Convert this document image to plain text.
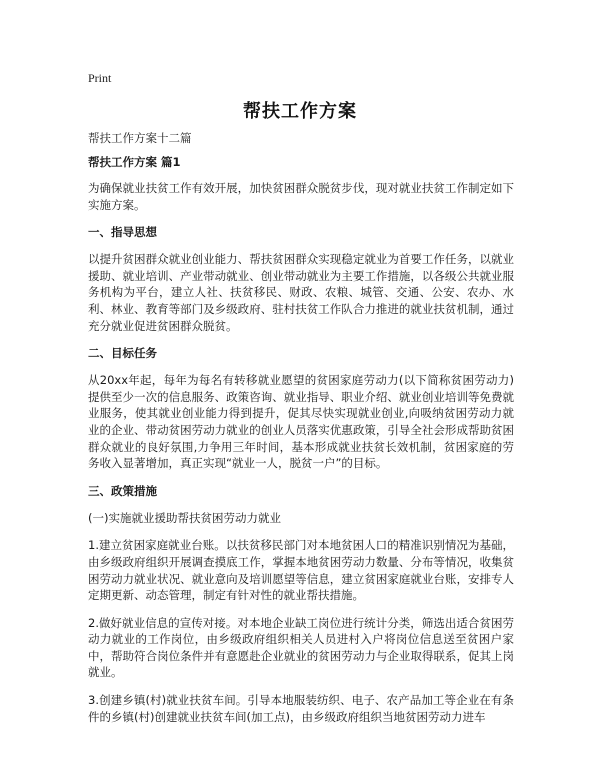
Print
帮扶工作方案

帮扶工作方案十二篇

帮扶工作方案 篇1

为确保就业扶贫工作有效开展，加快贫困群众脱贫步伐，现对就业扶贫工作制定如下实施方案。

一、指导思想

以提升贫困群众就业创业能力、帮扶贫困群众实现稳定就业为首要工作任务，以就业援助、就业培训、产业带动就业、创业带动就业为主要工作措施，以各级公共就业服务机构为平台，建立人社、扶贫移民、财政、农粮、城管、交通、公安、农办、水利、林业、教育等部门及乡级政府、驻村扶贫工作队合力推进的就业扶贫机制，通过充分就业促进贫困群众脱贫。

二、目标任务

从20xx年起，每年为每名有转移就业愿望的贫困家庭劳动力(以下简称贫困劳动力)提供至少一次的信息服务、政策咨询、就业指导、职业介绍、就业创业培训等免费就业服务，使其就业创业能力得到提升，促其尽快实现就业创业,向吸纳贫困劳动力就业的企业、带动贫困劳动力就业的创业人员落实优惠政策，引导全社会形成帮助贫困群众就业的良好氛围,力争用三年时间，基本形成就业扶贫长效机制，贫困家庭的劳务收入显著增加，真正实现“就业一人，脱贫一户”的目标。

三、政策措施

(一)实施就业援助帮扶贫困劳动力就业

1.建立贫困家庭就业台账。以扶贫移民部门对本地贫困人口的精准识别情况为基础，由乡级政府组织开展调查摸底工作，掌握本地贫困劳动力数量、分布等情况，收集贫困劳动力就业状况、就业意向及培训愿望等信息，建立贫困家庭就业台账，安排专人定期更新、动态管理，制定有针对性的就业帮扶措施。

2.做好就业信息的宣传对接。对本地企业缺工岗位进行统计分类，筛选出适合贫困劳动力就业的工作岗位，由乡级政府组织相关人员进村入户将岗位信息送至贫困户家中，帮助符合岗位条件并有意愿赴企业就业的贫困劳动力与企业取得联系，促其上岗就业。

3.创建乡镇(村)就业扶贫车间。引导本地服装纺织、电子、农产品加工等企业在有条件的乡镇(村)创建就业扶贫车间(加工点)，由乡级政府组织当地贫困劳动力进车
